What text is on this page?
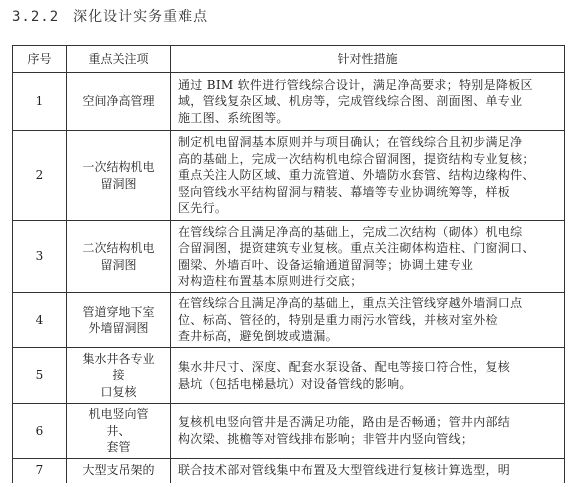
3.2.2 深化设计实务重难点
序号	重点关注项	针对性措施
1	空间净高管理	通过 BIM 软件进行管线综合设计，满足净高要求；特别是降板区
域，管线复杂区域、机房等，完成管线综合图、剖面图、单专业
施工图、系统图等。

2	一次结构机电
留洞图	制定机电留洞基本原则并与项目确认；在管线综合且初步满足净
高的基础上，完成一次结构机电综合留洞图，提资结构专业复核；
重点关注人防区域、重力流管道、外墙防水套管、结构边缘构件、
竖向管线水平结构留洞与精装、幕墙等专业协调统筹等，样板
区先行。

3	二次结构机电
留洞图	在管线综合且满足净高的基础上，完成二次结构（砌体）机电综
合留洞图，提资建筑专业复核。重点关注砌体构造柱、门窗洞口、
圈梁、外墙百叶、设备运输通道留洞等；协调土建专业
对构造柱布置基本原则进行交底；

4	管道穿地下室
外墙留洞图	在管线综合且满足净高的基础上，重点关注管线穿越外墙洞口点
位、标高、管径的，特别是重力雨污水管线，并核对室外检
查井标高，避免倒坡或遗漏。

5	集水井各专业
接
口复核	集水井尺寸、深度、配套水泵设备、配电等接口符合性，复核
悬坑（包括电梯悬坑）对设备管线的影响。

6	机电竖向管
井、
套管	复核机电竖向管井是否满足功能，路由是否畅通；管井内部结
构次梁、挑檐等对管线排布影响；非管井内竖向管线；

7	大型支吊架的	联合技术部对管线集中布置及大型管线进行复核计算选型，明
